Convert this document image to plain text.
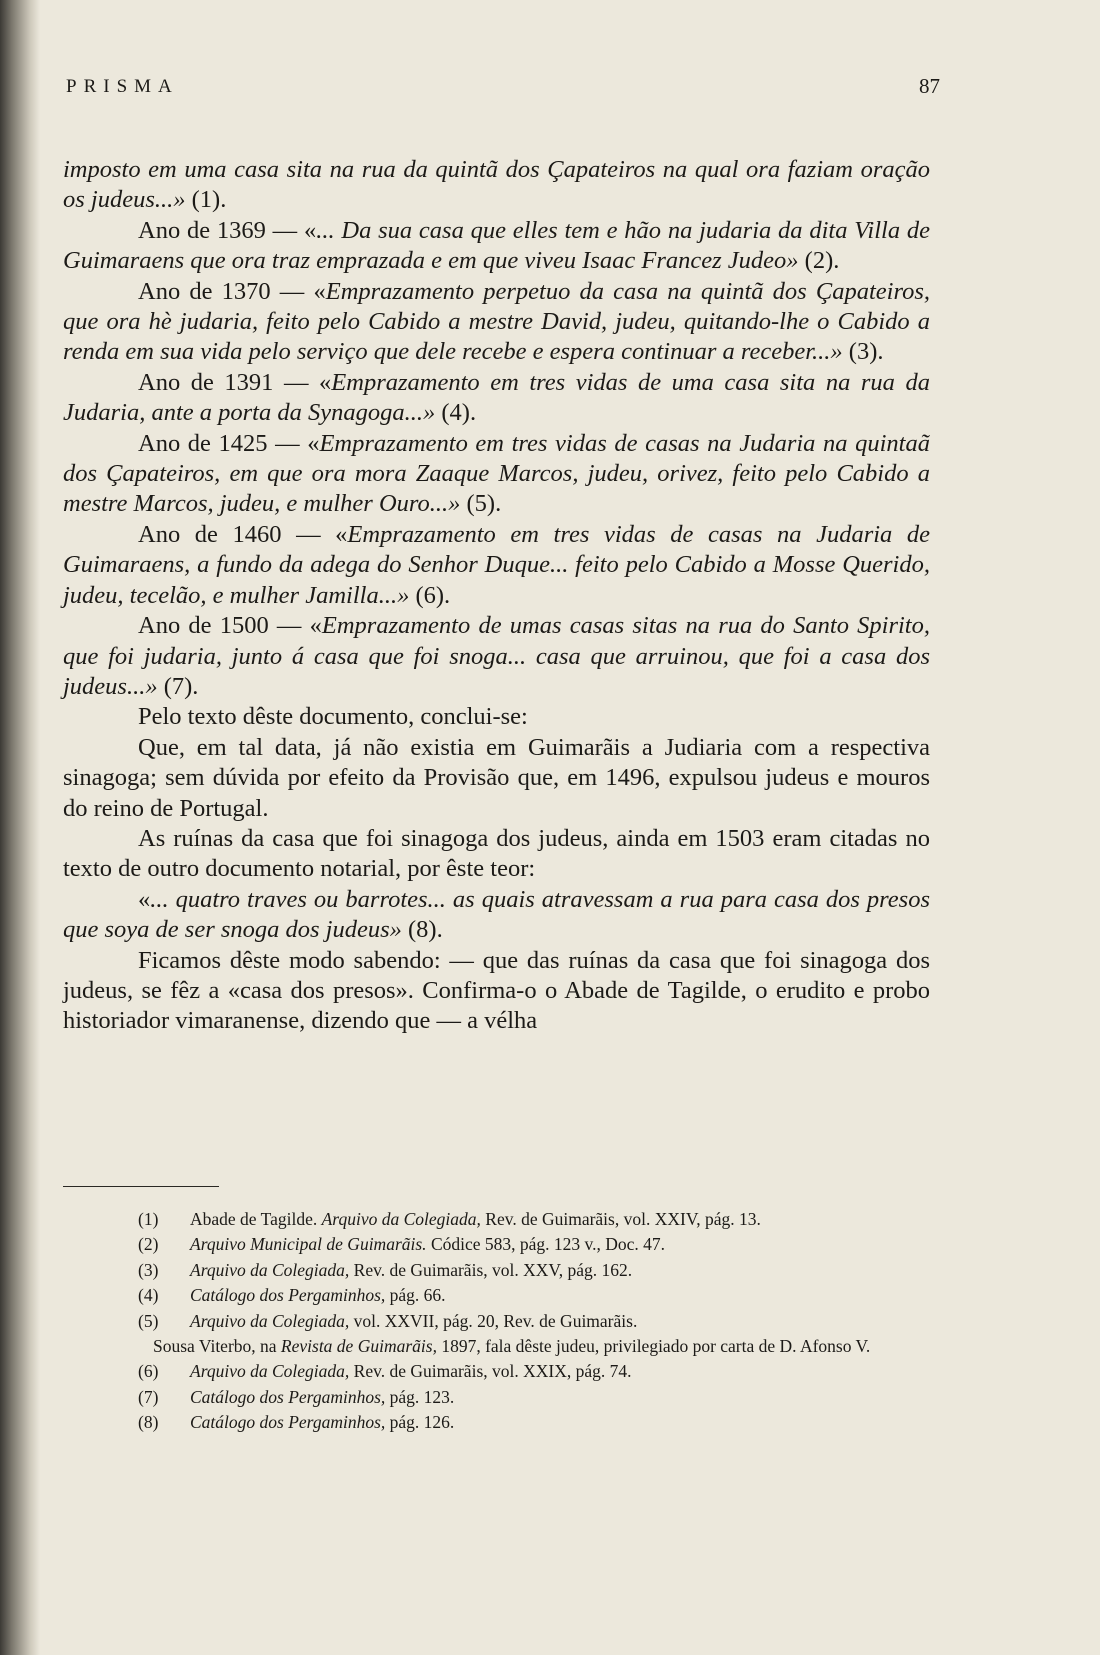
PRISMA	87

imposto em uma casa sita na rua da quintã dos Çapateiros na qual ora faziam oração os judeus...» (1).

Ano de 1369 — «... Da sua casa que elles tem e hão na judaria da dita Villa de Guimaraens que ora traz emprazada e em que viveu Isaac Francez Judeo» (2).

Ano de 1370 — «Emprazamento perpetuo da casa na quintã dos Çapateiros, que ora hè judaria, feito pelo Cabido a mestre David, judeu, quitando-lhe o Cabido a renda em sua vida pelo serviço que dele recebe e espera continuar a receber...» (3).

Ano de 1391 — «Emprazamento em tres vidas de uma casa sita na rua da Judaria, ante a porta da Synagoga...» (4).

Ano de 1425 — «Emprazamento em tres vidas de casas na Judaria na quintaã dos Çapateiros, em que ora mora Zaaque Marcos, judeu, orivez, feito pelo Cabido a mestre Marcos, judeu, e mulher Ouro...» (5).

Ano de 1460 — «Emprazamento em tres vidas de casas na Judaria de Guimaraens, a fundo da adega do Senhor Duque... feito pelo Cabido a Mosse Querido, judeu, tecelão, e mulher Jamilla...» (6).

Ano de 1500 — «Emprazamento de umas casas sitas na rua do Santo Spirito, que foi judaria, junto á casa que foi snoga... casa que arruinou, que foi a casa dos judeus...» (7).

Pelo texto dêste documento, conclui-se:

Que, em tal data, já não existia em Guimarãis a Judiaria com a respectiva sinagoga; sem dúvida por efeito da Provisão que, em 1496, expulsou judeus e mouros do reino de Portugal.

As ruínas da casa que foi sinagoga dos judeus, ainda em 1503 eram citadas no texto de outro documento notarial, por êste teor:

«... quatro traves ou barrotes... as quais atravessam a rua para casa dos presos que soya de ser snoga dos judeus» (8).

Ficamos dêste modo sabendo: — que das ruínas da casa que foi sinagoga dos judeus, se fêz a «casa dos presos». Confirma-o o Abade de Tagilde, o erudito e probo historiador vimaranense, dizendo que — a vélha

(1) Abade de Tagilde. Arquivo da Colegiada, Rev. de Guimarãis, vol. XXIV, pág. 13.

(2) Arquivo Municipal de Guimarãis. Códice 583, pág. 123 v., Doc. 47.

(3) Arquivo da Colegiada, Rev. de Guimarãis, vol. XXV, pág. 162.

(4) Catálogo dos Pergaminhos, pág. 66.

(5) Arquivo da Colegiada, vol. XXVII, pág. 20, Rev. de Guimarãis.

Sousa Viterbo, na Revista de Guimarãis, 1897, fala dêste judeu, privilegiado por carta de D. Afonso V.

(6) Arquivo da Colegiada, Rev. de Guimarãis, vol. XXIX, pág. 74.

(7) Catálogo dos Pergaminhos, pág. 123.

(8) Catálogo dos Pergaminhos, pág. 126.
